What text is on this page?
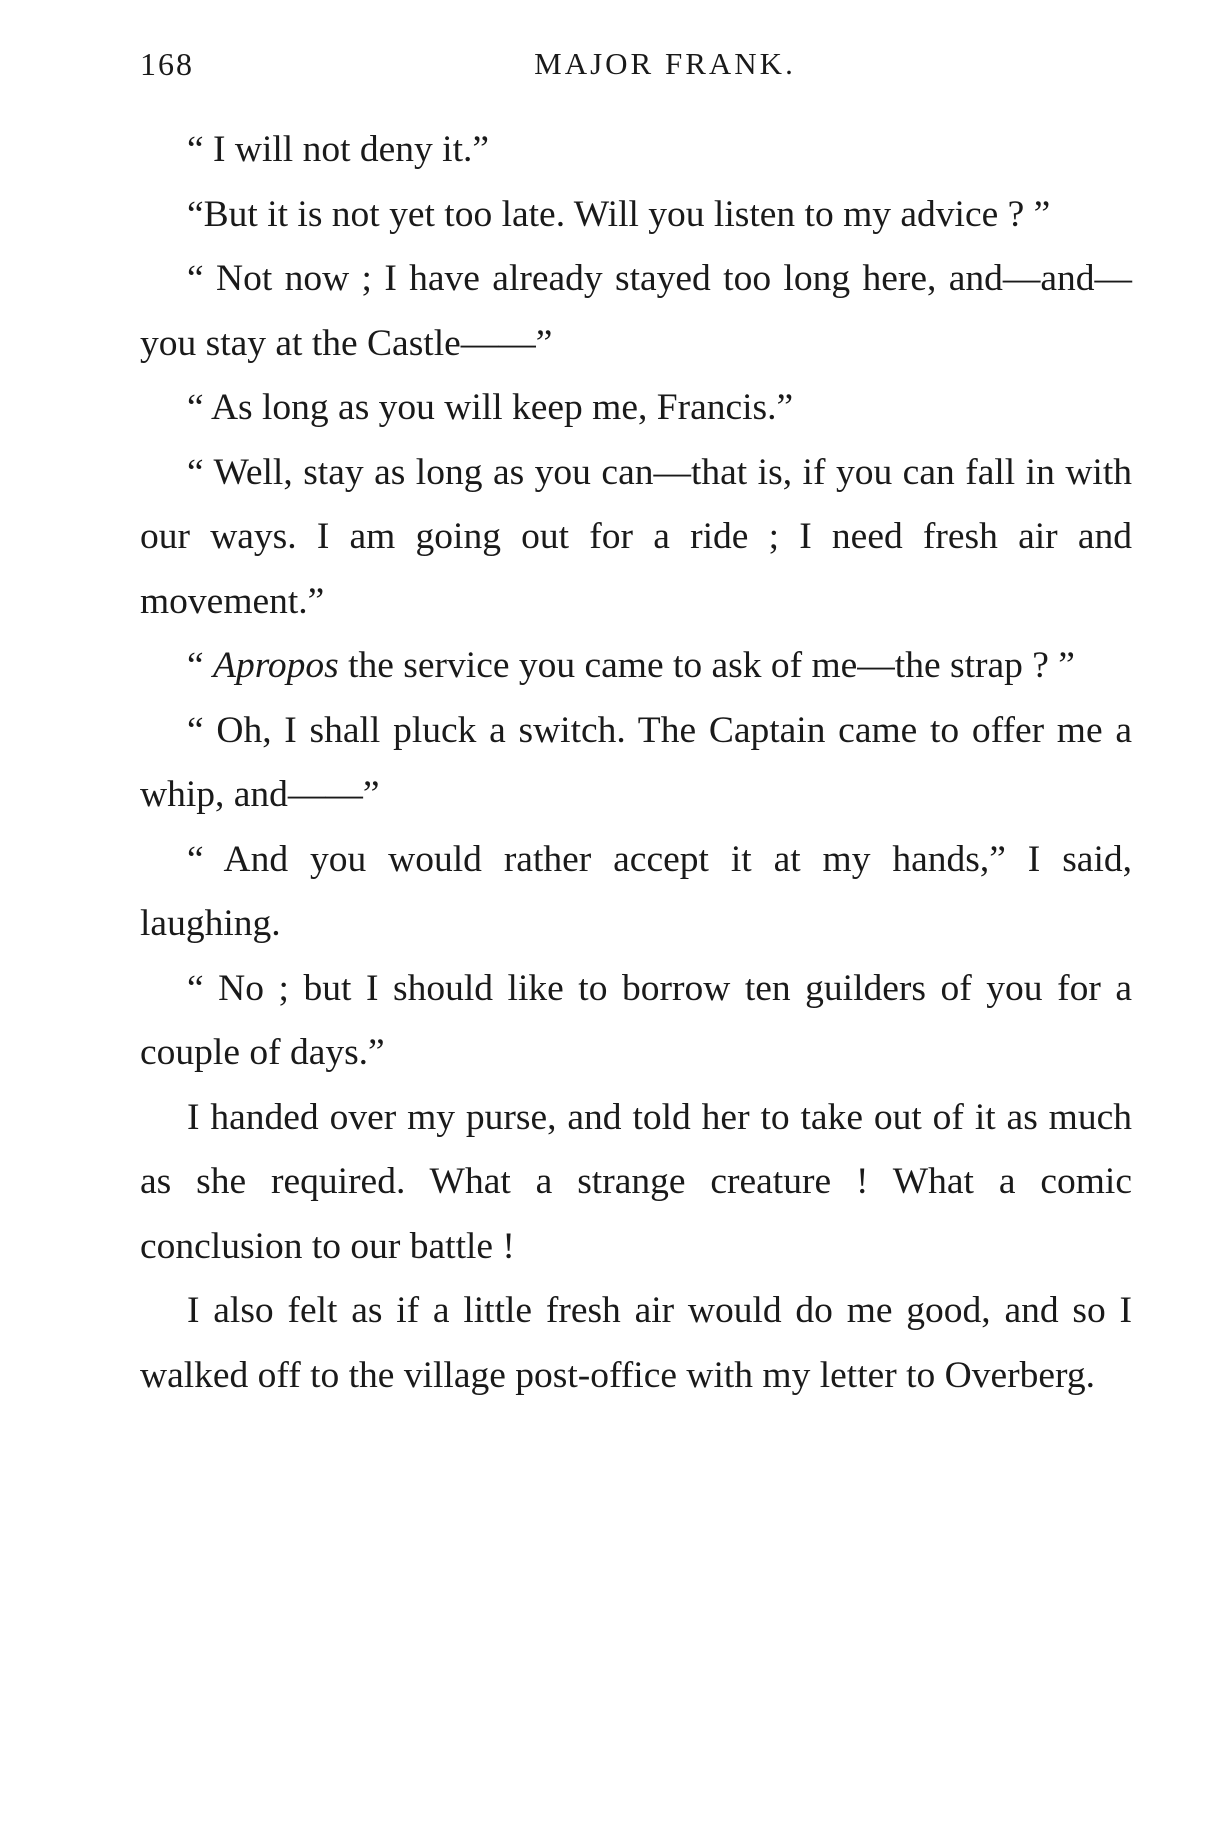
168	MAJOR FRANK.

“ I will not deny it.”

“But it is not yet too late. Will you listen to my advice ? ”

“ Not now ; I have already stayed too long here, and—and—you stay at the Castle——”

“ As long as you will keep me, Francis.”

“ Well, stay as long as you can—that is, if you can fall in with our ways. I am going out for a ride ; I need fresh air and movement.”

“ Apropos the service you came to ask of me—the strap ? ”

“ Oh, I shall pluck a switch. The Captain came to offer me a whip, and——”

“ And you would rather accept it at my hands,” I said, laughing.

“ No ; but I should like to borrow ten guilders of you for a couple of days.”

I handed over my purse, and told her to take out of it as much as she required. What a strange creature ! What a comic conclusion to our battle !

I also felt as if a little fresh air would do me good, and so I walked off to the village post-office with my letter to Overberg.
